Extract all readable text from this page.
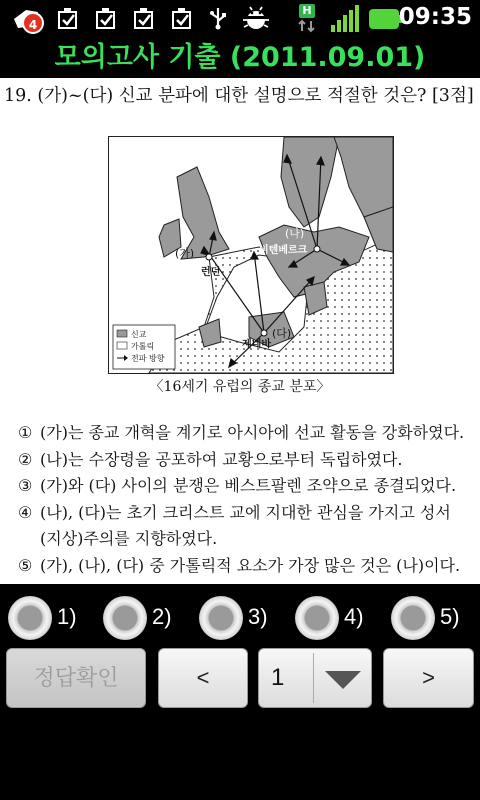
4
H	09:35
모의고사 기출 (2011.09.01)
19. (가)~(다) 신교 분파에 대한 설명으로 적절한 것은? [3점]
(가)
런던
(나)
비텐베르크
(다)
제네바
신교
가톨릭
전파 방향
〈16세기 유럽의 종교 분포〉
① (가)는 종교 개혁을 계기로 아시아에 선교 활동을 강화하였다.
② (나)는 수장령을 공포하여 교황으로부터 독립하였다.
③ (가)와 (다) 사이의 분쟁은 베스트팔렌 조약으로 종결되었다.
④ (나), (다)는 초기 크리스트 교에 지대한 관심을 가지고 성서
(지상)주의를 지향하였다.
⑤ (가), (나), (다) 중 가톨릭적 요소가 가장 많은 것은 (나)이다.
1)	2)	3)	4)	5)
정답확인	<	1	>
